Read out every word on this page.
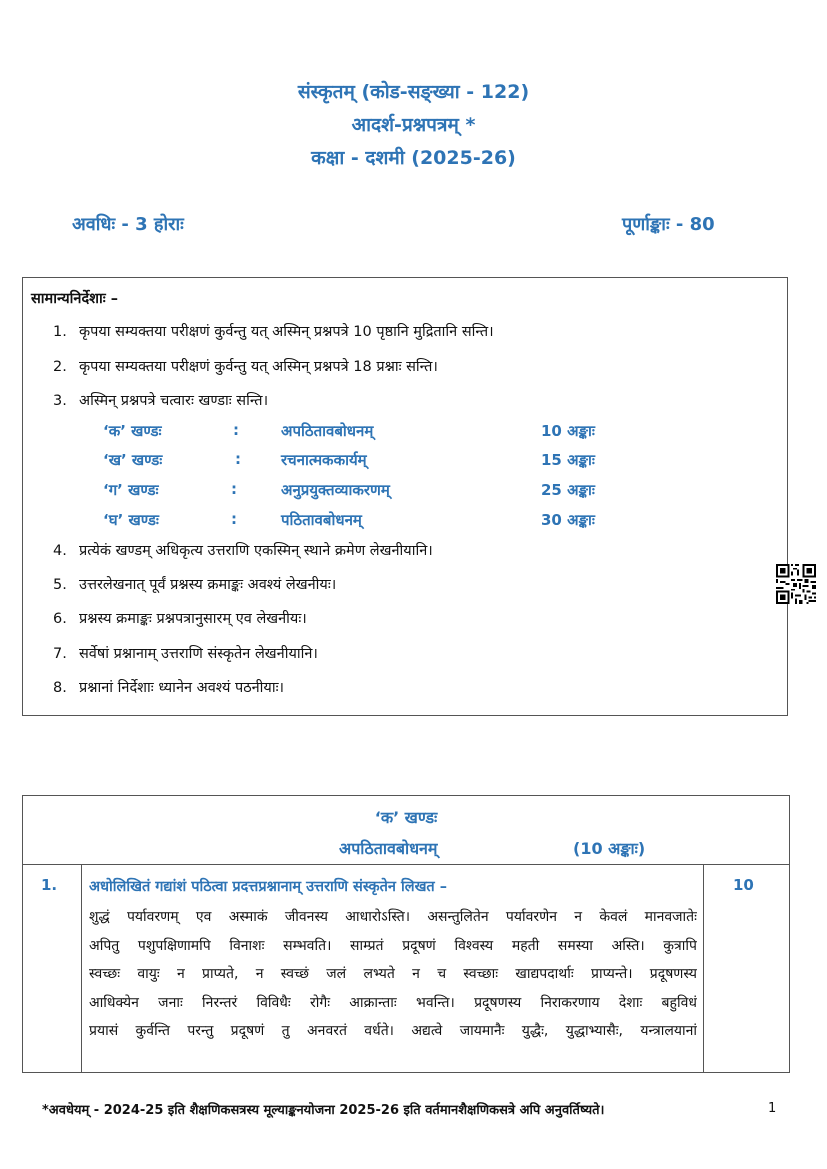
संस्कृतम् (कोड-सङ्ख्या - 122)
आदर्श-प्रश्नपत्रम् *
कक्षा - दशमी (2025-26)
अवधिः - 3 होराः	पूर्णाङ्काः - 80
सामान्यनिर्देशाः –
1. कृपया सम्यक्तया परीक्षणं कुर्वन्तु यत् अस्मिन् प्रश्नपत्रे 10 पृष्ठानि मुद्रितानि सन्ति।
2. कृपया सम्यक्तया परीक्षणं कुर्वन्तु यत् अस्मिन् प्रश्नपत्रे 18 प्रश्नाः सन्ति।
3. अस्मिन् प्रश्नपत्रे चत्वारः खण्डाः सन्ति।
‘क’ खण्डः	:	अपठितावबोधनम्	10 अङ्काः
‘ख’ खण्डः	:	रचनात्मककार्यम्	15 अङ्काः
‘ग’ खण्डः	:	अनुप्रयुक्तव्याकरणम्	25 अङ्काः
‘घ’ खण्डः	:	पठितावबोधनम्	30 अङ्काः
4. प्रत्येकं खण्डम् अधिकृत्य उत्तराणि एकस्मिन् स्थाने क्रमेण लेखनीयानि।
5. उत्तरलेखनात् पूर्वं प्रश्नस्य क्रमाङ्कः अवश्यं लेखनीयः।
6. प्रश्नस्य क्रमाङ्कः प्रश्नपत्रानुसारम् एव लेखनीयः।
7. सर्वेषां प्रश्नानाम् उत्तराणि संस्कृतेन लेखनीयानि।
8. प्रश्नानां निर्देशाः ध्यानेन अवश्यं पठनीयाः।
‘क’ खण्डः
अपठितावबोधनम्	(10 अङ्काः)
1. अधोलिखितं गद्यांशं पठित्वा प्रदत्तप्रश्नानाम् उत्तराणि संस्कृतेन लिखत –	10
शुद्धं पर्यावरणम् एव अस्माकं जीवनस्य आधारोऽस्ति। असन्तुलितेन पर्यावरणेन न केवलं मानवजातेः
अपितु पशुपक्षिणामपि विनाशः सम्भवति। साम्प्रतं प्रदूषणं विश्वस्य महती समस्या अस्ति। कुत्रापि
स्वच्छः वायुः न प्राप्यते, न स्वच्छं जलं लभ्यते न च स्वच्छाः खाद्यपदार्थाः प्राप्यन्ते। प्रदूषणस्य
आधिक्येन जनाः निरन्तरं विविधैः रोगैः आक्रान्ताः भवन्ति। प्रदूषणस्य निराकरणाय देशाः बहुविधं
प्रयासं कुर्वन्ति परन्तु प्रदूषणं तु अनवरतं वर्धते। अद्यत्वे जायमानैः युद्धैः, युद्धाभ्यासैः, यन्त्रालयानां
*अवधेयम् - 2024-25 इति शैक्षणिकसत्रस्य मूल्याङ्कनयोजना 2025-26 इति वर्तमानशैक्षणिकसत्रे अपि अनुवर्तिष्यते।	1
